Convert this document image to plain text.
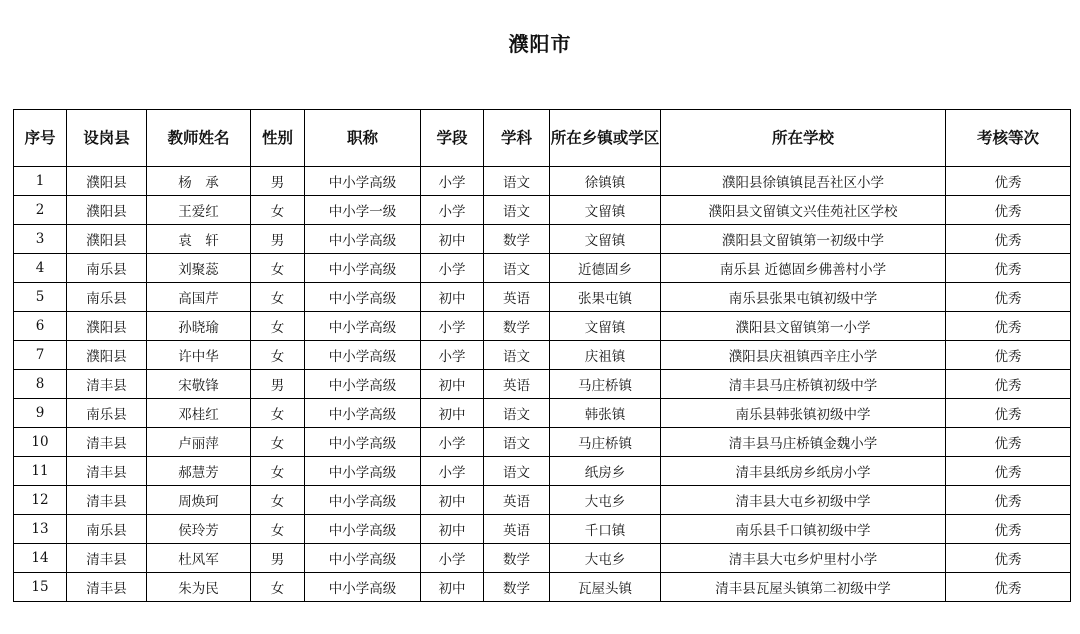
濮阳市
序号	设岗县	教师姓名	性别	职称	学段	学科	所在乡镇或学区	所在学校	考核等次
1	濮阳县	杨　承	男	中小学高级	小学	语文	徐镇镇	濮阳县徐镇镇昆吾社区小学	优秀
2	濮阳县	王爱红	女	中小学一级	小学	语文	文留镇	濮阳县文留镇文兴佳苑社区学校	优秀
3	濮阳县	袁　轩	男	中小学高级	初中	数学	文留镇	濮阳县文留镇第一初级中学	优秀
4	南乐县	刘聚蕊	女	中小学高级	小学	语文	近德固乡	南乐县 近德固乡佛善村小学	优秀
5	南乐县	高国芹	女	中小学高级	初中	英语	张果屯镇	南乐县张果屯镇初级中学	优秀
6	濮阳县	孙晓瑜	女	中小学高级	小学	数学	文留镇	濮阳县文留镇第一小学	优秀
7	濮阳县	许中华	女	中小学高级	小学	语文	庆祖镇	濮阳县庆祖镇西辛庄小学	优秀
8	清丰县	宋敬锋	男	中小学高级	初中	英语	马庄桥镇	清丰县马庄桥镇初级中学	优秀
9	南乐县	邓桂红	女	中小学高级	初中	语文	韩张镇	南乐县韩张镇初级中学	优秀
10	清丰县	卢丽萍	女	中小学高级	小学	语文	马庄桥镇	清丰县马庄桥镇金魏小学	优秀
11	清丰县	郝慧芳	女	中小学高级	小学	语文	纸房乡	清丰县纸房乡纸房小学	优秀
12	清丰县	周焕珂	女	中小学高级	初中	英语	大屯乡	清丰县大屯乡初级中学	优秀
13	南乐县	侯玲芳	女	中小学高级	初中	英语	千口镇	南乐县千口镇初级中学	优秀
14	清丰县	杜风军	男	中小学高级	小学	数学	大屯乡	清丰县大屯乡炉里村小学	优秀
15	清丰县	朱为民	女	中小学高级	初中	数学	瓦屋头镇	清丰县瓦屋头镇第二初级中学	优秀
